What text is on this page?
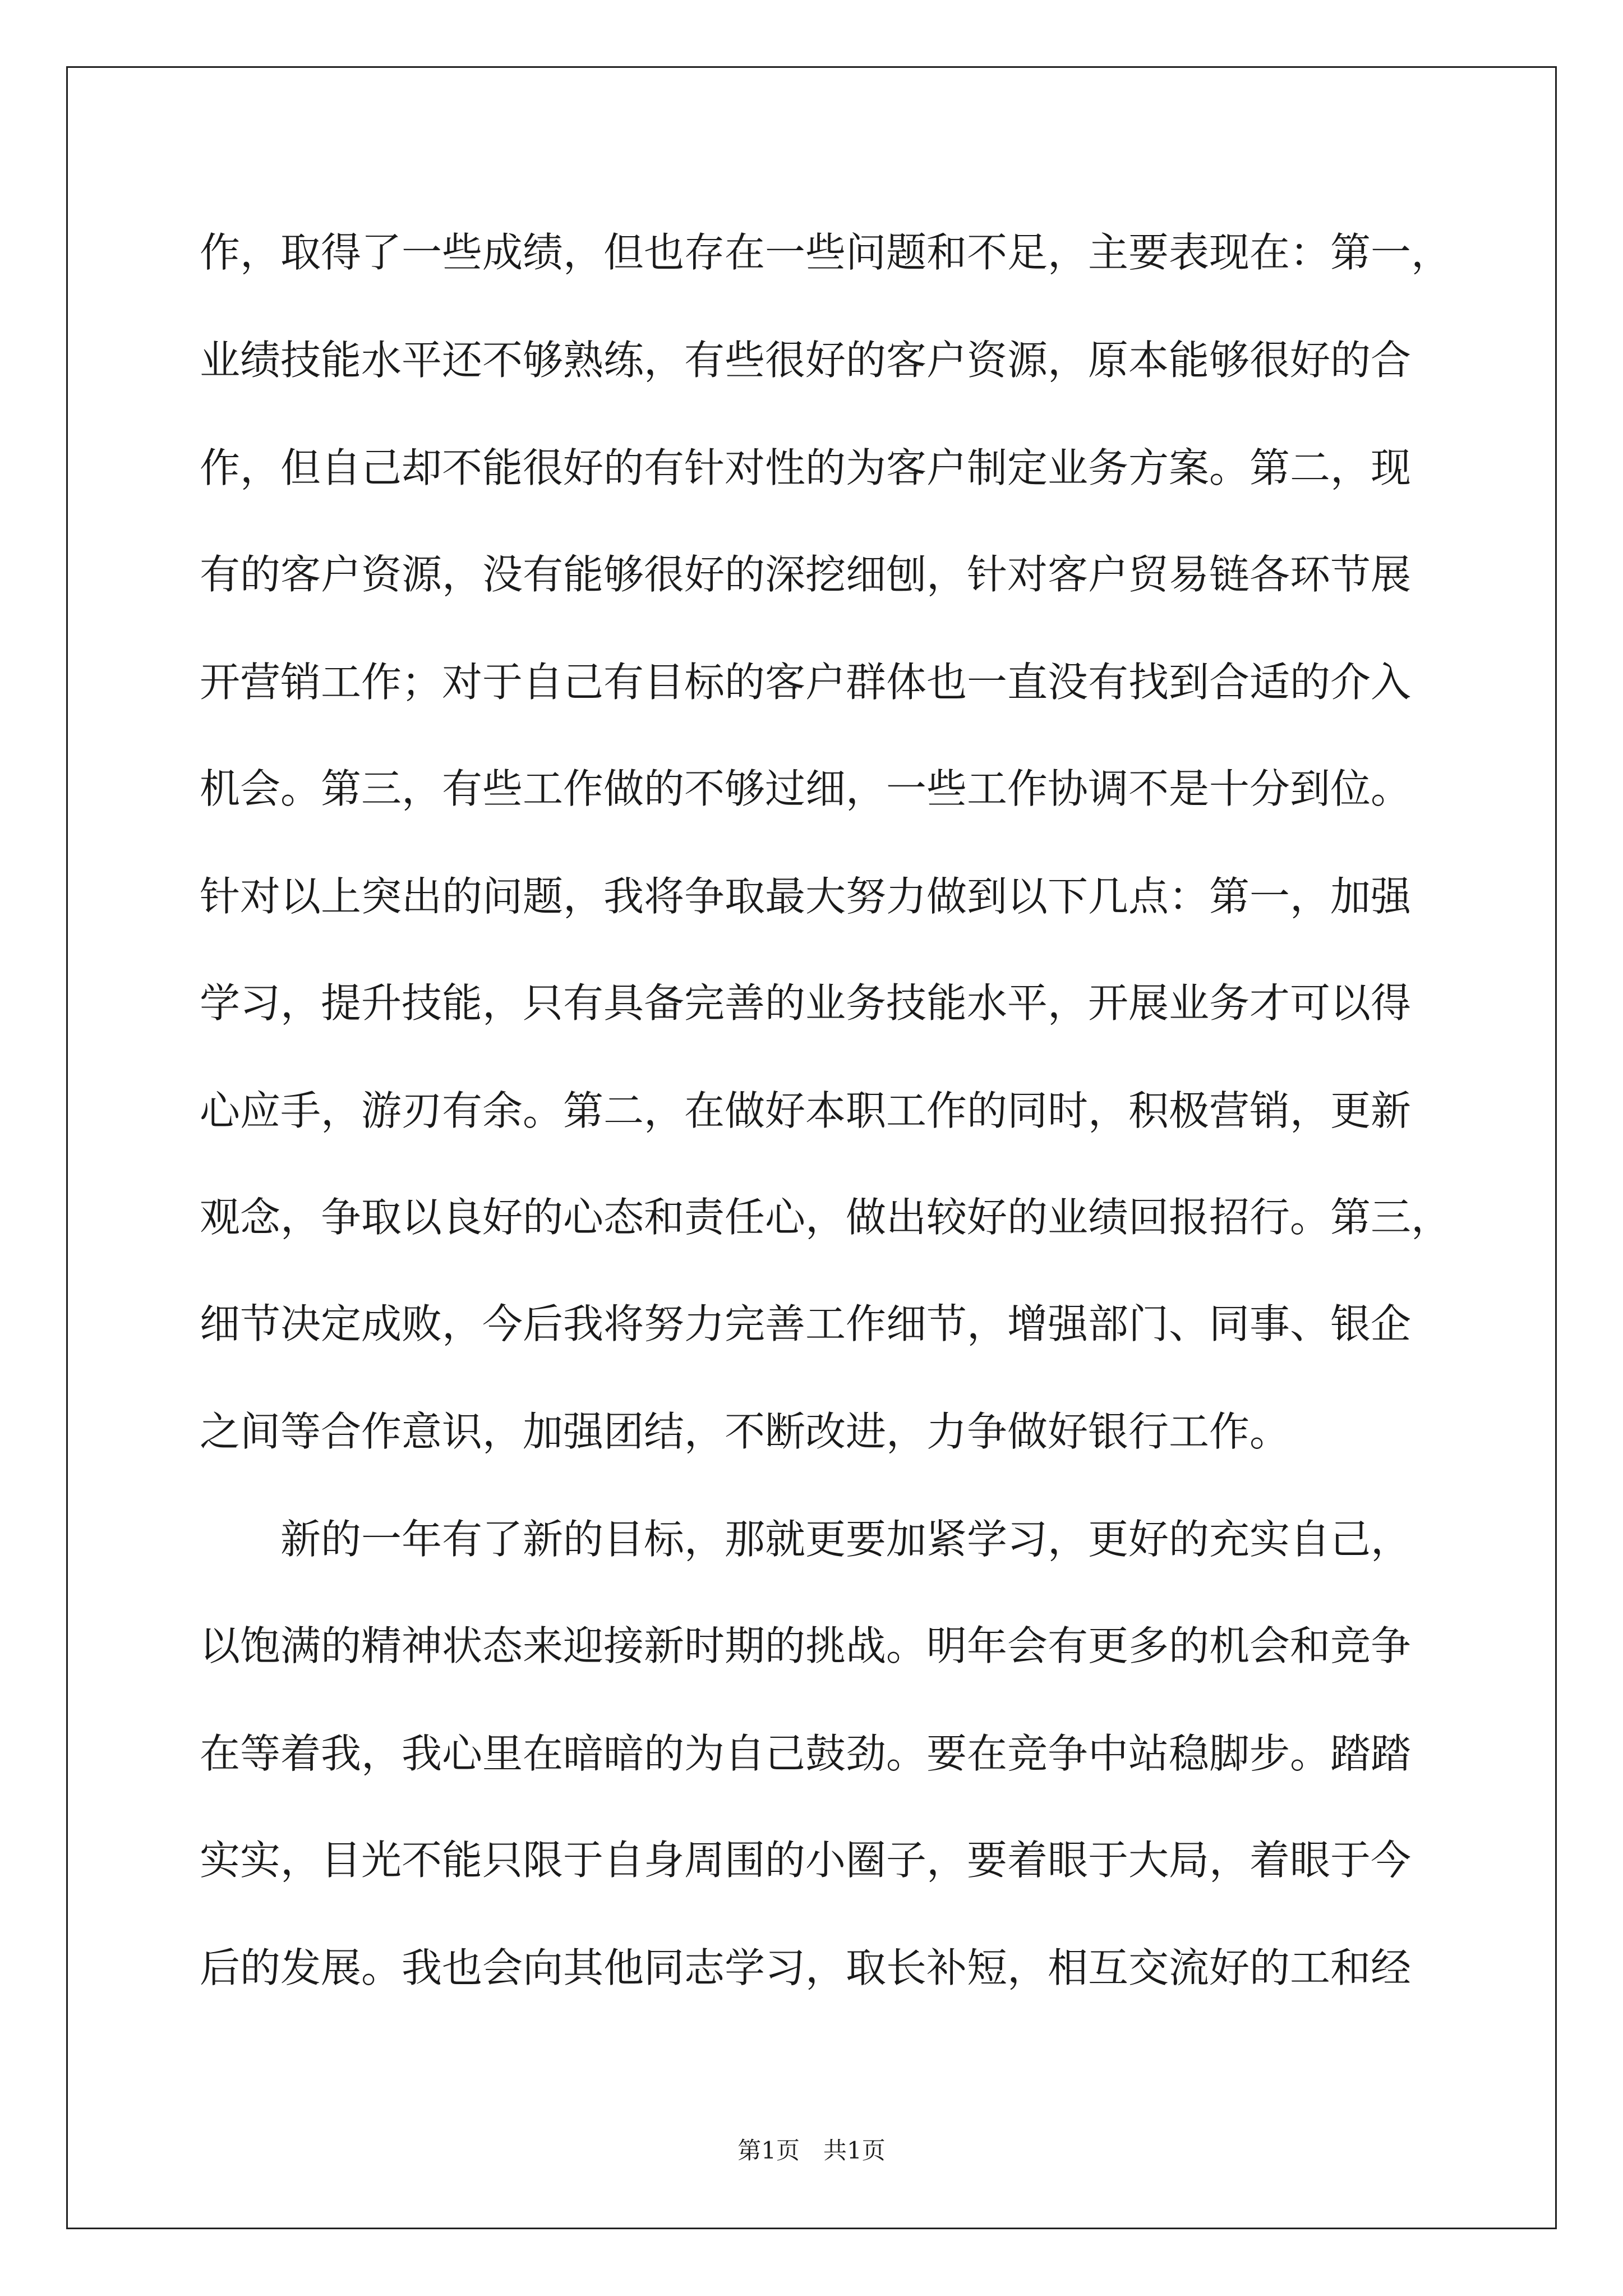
作，取得了一些成绩，但也存在一些问题和不足，主要表现在：第一，
业绩技能水平还不够熟练，有些很好的客户资源，原本能够很好的合
作，但自己却不能很好的有针对性的为客户制定业务方案。第二，现
有的客户资源，没有能够很好的深挖细刨，针对客户贸易链各环节展
开营销工作；对于自己有目标的客户群体也一直没有找到合适的介入
机会。第三，有些工作做的不够过细，一些工作协调不是十分到位。
针对以上突出的问题，我将争取最大努力做到以下几点：第一，加强
学习，提升技能，只有具备完善的业务技能水平，开展业务才可以得
心应手，游刃有余。第二，在做好本职工作的同时，积极营销，更新
观念，争取以良好的心态和责任心，做出较好的业绩回报招行。第三，
细节决定成败，今后我将努力完善工作细节，增强部门、同事、银企
之间等合作意识，加强团结，不断改进，力争做好银行工作。
　　新的一年有了新的目标，那就更要加紧学习，更好的充实自己，
以饱满的精神状态来迎接新时期的挑战。明年会有更多的机会和竞争
在等着我，我心里在暗暗的为自己鼓劲。要在竞争中站稳脚步。踏踏
实实，目光不能只限于自身周围的小圈子，要着眼于大局，着眼于今
后的发展。我也会向其他同志学习，取长补短，相互交流好的工和经
第1页　共1页
